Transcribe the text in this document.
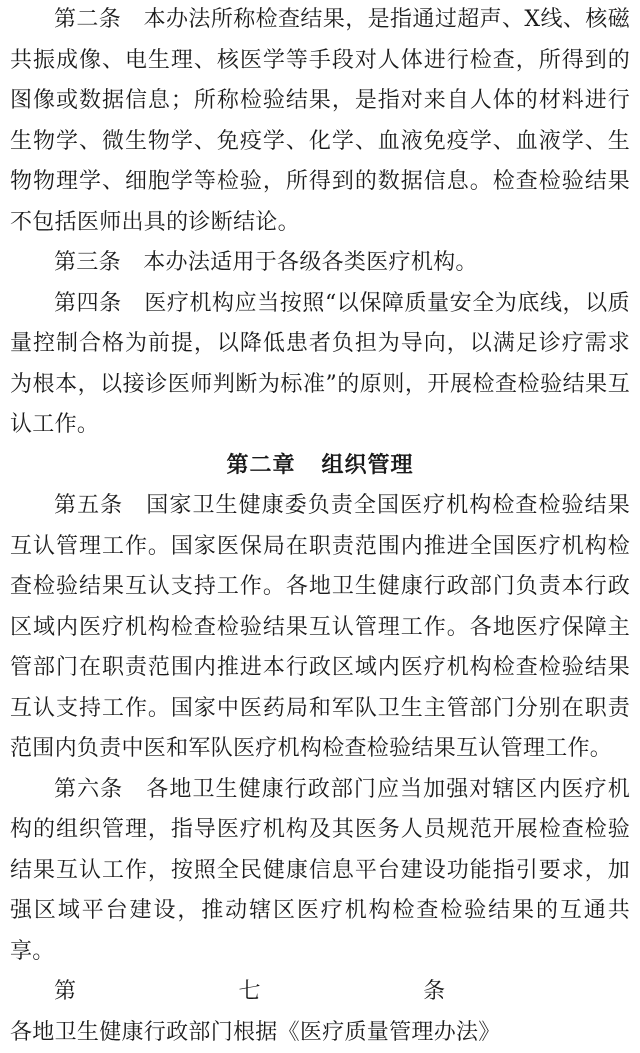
第二条  本办法所称检查结果，是指通过超声、X线、核磁共振成像、电生理、核医学等手段对人体进行检查，所得到的图像或数据信息；所称检验结果，是指对来自人体的材料进行生物学、微生物学、免疫学、化学、血液免疫学、血液学、生物物理学、细胞学等检验，所得到的数据信息。检查检验结果不包括医师出具的诊断结论。

第三条  本办法适用于各级各类医疗机构。

第四条  医疗机构应当按照“以保障质量安全为底线，以质量控制合格为前提，以降低患者负担为导向，以满足诊疗需求为根本，以接诊医师判断为标准”的原则，开展检查检验结果互认工作。

第二章 组织管理

第五条  国家卫生健康委负责全国医疗机构检查检验结果互认管理工作。国家医保局在职责范围内推进全国医疗机构检查检验结果互认支持工作。各地卫生健康行政部门负责本行政区域内医疗机构检查检验结果互认管理工作。各地医疗保障主管部门在职责范围内推进本行政区域内医疗机构检查检验结果互认支持工作。国家中医药局和军队卫生主管部门分别在职责范围内负责中医和军队医疗机构检查检验结果互认管理工作。

第六条  各地卫生健康行政部门应当加强对辖区内医疗机构的组织管理，指导医疗机构及其医务人员规范开展检查检验结果互认工作，按照全民健康信息平台建设功能指引要求，加强区域平台建设，推动辖区医疗机构检查检验结果的互通共享。

第七条 各地卫生健康行政部门根据《医疗质量管理办法》
